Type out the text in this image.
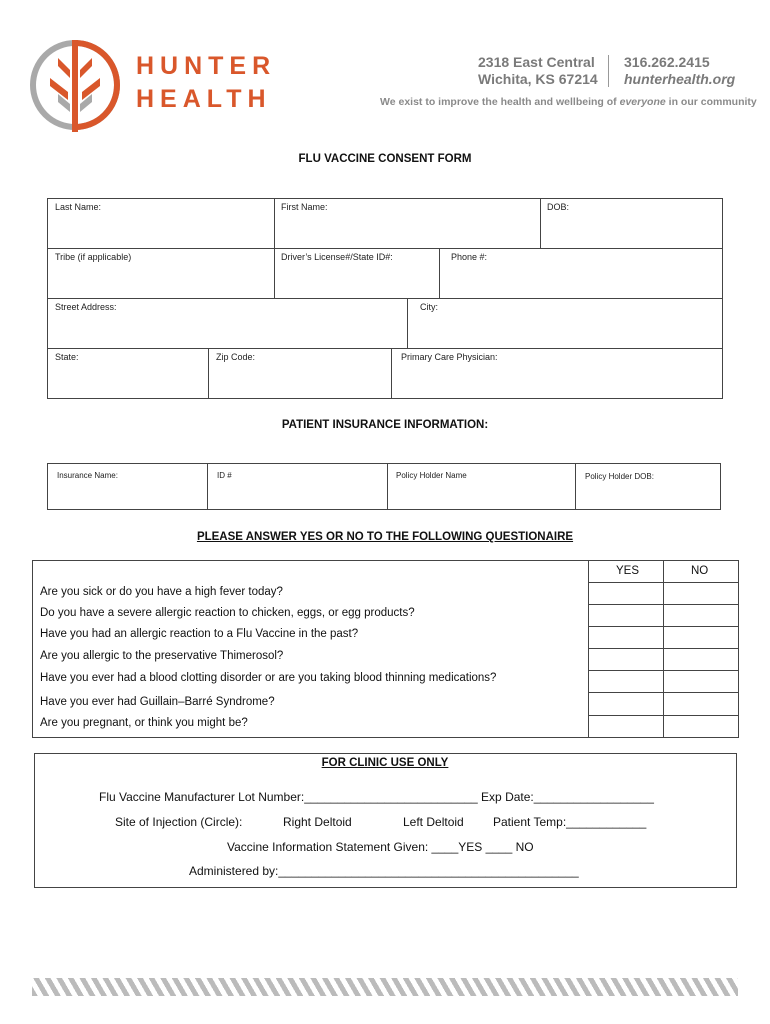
HUNTER
HEALTH
2318 East Central
Wichita, KS 67214
316.262.2415
hunterhealth.org
We exist to improve the health and wellbeing of everyone in our community
FLU VACCINE CONSENT FORM
Last Name:	First Name:	DOB:
Tribe (if applicable)	Driver’s License#/State ID#:	Phone #:
Street Address:	City:
State:	Zip Code:	Primary Care Physician:
PATIENT INSURANCE INFORMATION:
Insurance Name:	ID #	Policy Holder Name	Policy Holder DOB:
PLEASE ANSWER YES OR NO TO THE FOLLOWING QUESTIONAIRE
YES	NO
Are you sick or do you have a high fever today?
Do you have a severe allergic reaction to chicken, eggs, or egg products?
Have you had an allergic reaction to a Flu Vaccine in the past?
Are you allergic to the preservative Thimerosol?
Have you ever had a blood clotting disorder or are you taking blood thinning medications?
Have you ever had Guillain–Barré Syndrome?
Are you pregnant, or think you might be?
FOR CLINIC USE ONLY
Flu Vaccine Manufacturer Lot Number:__________________________ Exp Date:__________________
Site of Injection (Circle):	Right Deltoid	Left Deltoid Patient Temp:____________
Vaccine Information Statement Given: ____YES ____ NO
Administered by:_____________________________________________
